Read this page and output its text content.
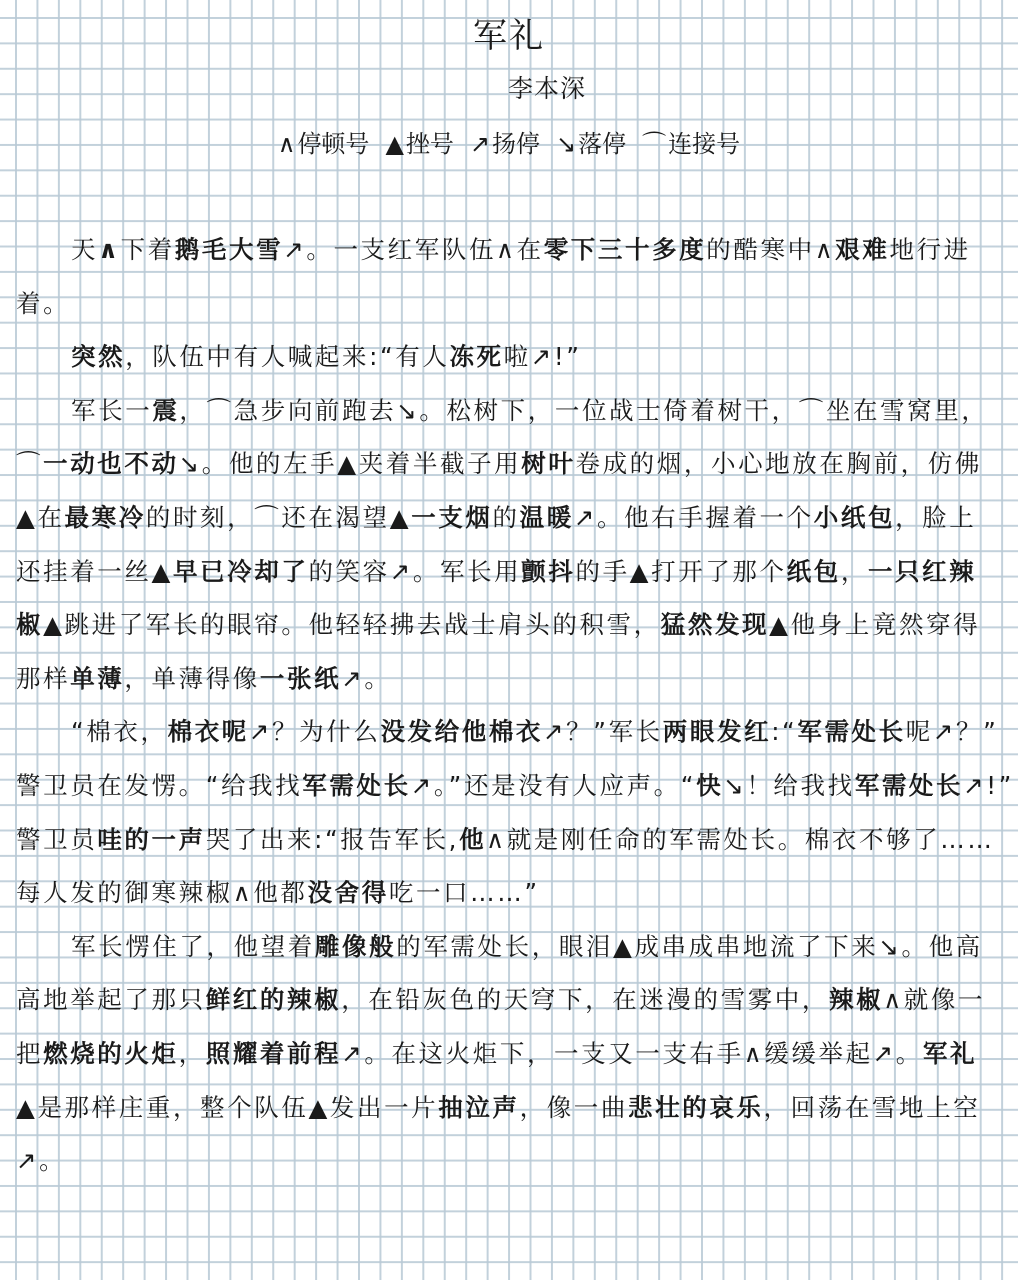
军礼
李本深
∧停顿号 ▲挫号 ↗扬停 ↘落停 ⌒连接号
天∧下着鹅毛大雪↗。一支红军队伍∧在零下三十多度的酷寒中∧艰难地行进
着。
突然，队伍中有人喊起来:“有人冻死啦↗!”
军长一震，⌒急步向前跑去↘。松树下，一位战士倚着树干，⌒坐在雪窝里，
⌒一动也不动↘。他的左手▲夹着半截子用树叶卷成的烟，小心地放在胸前，仿佛
▲在最寒冷的时刻，⌒还在渴望▲一支烟的温暖↗。他右手握着一个小纸包，脸上
还挂着一丝▲早已冷却了的笑容↗。军长用颤抖的手▲打开了那个纸包，一只红辣
椒▲跳进了军长的眼帘。他轻轻拂去战士肩头的积雪，猛然发现▲他身上竟然穿得
那样单薄，单薄得像一张纸↗。
“棉衣，棉衣呢↗？为什么没发给他棉衣↗？”军长两眼发红:“军需处长呢↗？”
警卫员在发愣。“给我找军需处长↗。”还是没有人应声。“快↘！给我找军需处长↗!”
警卫员哇的一声哭了出来:“报告军长,他∧就是刚任命的军需处长。棉衣不够了……
每人发的御寒辣椒∧他都没舍得吃一口……”
军长愣住了，他望着雕像般的军需处长，眼泪▲成串成串地流了下来↘。他高
高地举起了那只鲜红的辣椒，在铅灰色的天穹下，在迷漫的雪雾中，辣椒∧就像一
把燃烧的火炬，照耀着前程↗。在这火炬下，一支又一支右手∧缓缓举起↗。军礼
▲是那样庄重，整个队伍▲发出一片抽泣声，像一曲悲壮的哀乐，回荡在雪地上空
↗。
